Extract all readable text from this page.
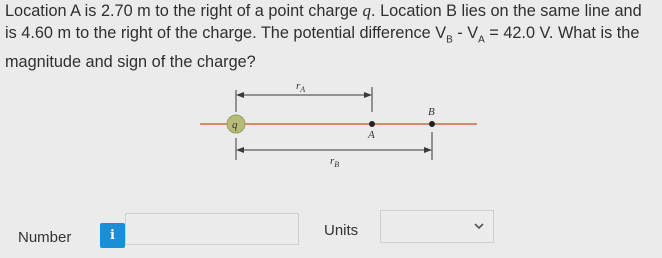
Location A is 2.70 m to the right of a point charge q. Location B lies on the same line and is 4.60 m to the right of the charge. The potential difference $V_B - V_A = 42.0$ V. What is the magnitude and sign of the charge?

$r_A$
$r_B$
q
A
B
Number	i	Units
